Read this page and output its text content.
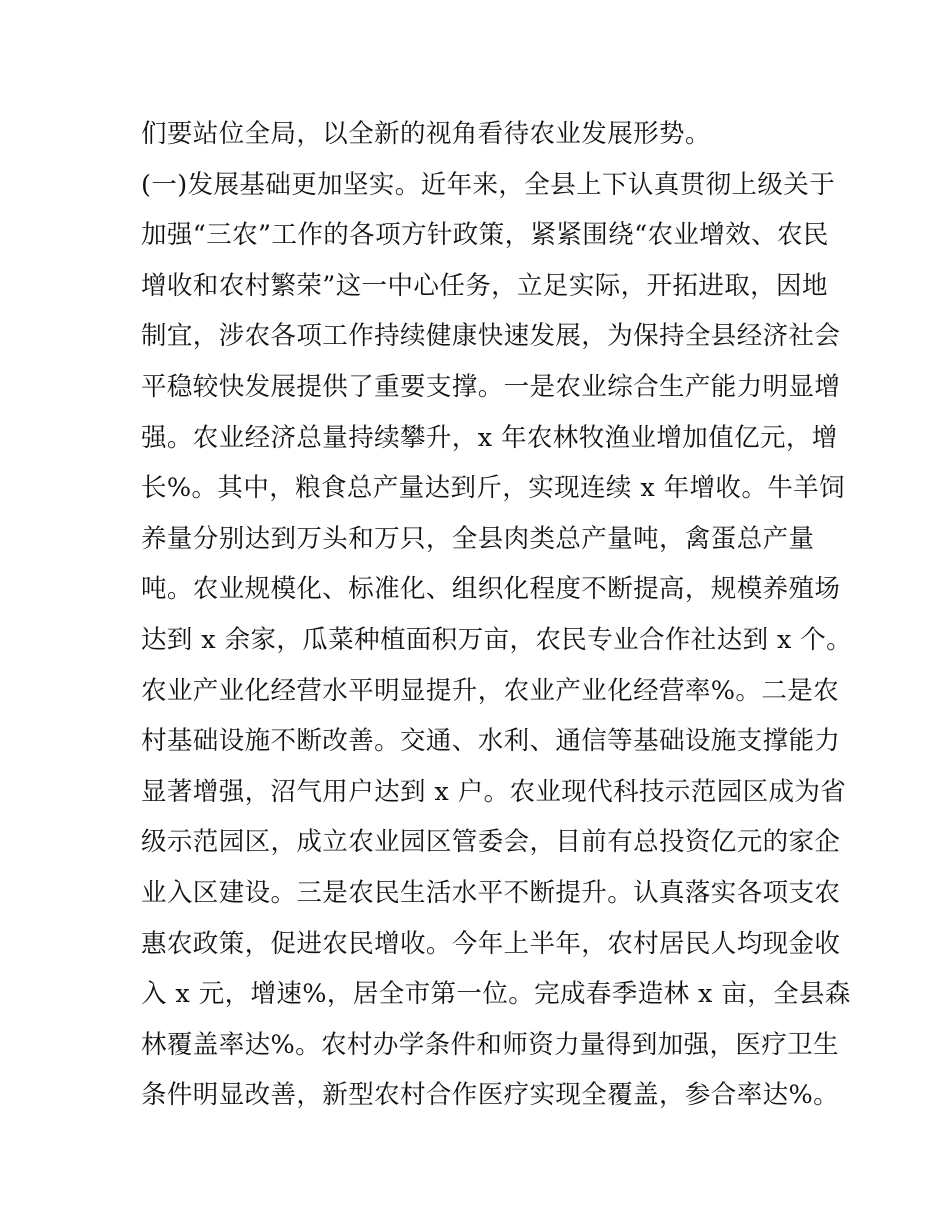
们要站位全局，以全新的视角看待农业发展形势。
(一)发展基础更加坚实。近年来，全县上下认真贯彻上级关于
加强“三农”工作的各项方针政策，紧紧围绕“农业增效、农民
增收和农村繁荣”这一中心任务，立足实际，开拓进取，因地
制宜，涉农各项工作持续健康快速发展，为保持全县经济社会
平稳较快发展提供了重要支撑。一是农业综合生产能力明显增
强。农业经济总量持续攀升，x 年农林牧渔业增加值亿元，增
长%。其中，粮食总产量达到斤，实现连续 x 年增收。牛羊饲
养量分别达到万头和万只，全县肉类总产量吨，禽蛋总产量
吨。农业规模化、标准化、组织化程度不断提高，规模养殖场
达到 x 余家，瓜菜种植面积万亩，农民专业合作社达到 x 个。
农业产业化经营水平明显提升，农业产业化经营率%。二是农
村基础设施不断改善。交通、水利、通信等基础设施支撑能力
显著增强，沼气用户达到 x 户。农业现代科技示范园区成为省
级示范园区，成立农业园区管委会，目前有总投资亿元的家企
业入区建设。三是农民生活水平不断提升。认真落实各项支农
惠农政策，促进农民增收。今年上半年，农村居民人均现金收
入 x 元，增速%，居全市第一位。完成春季造林 x 亩，全县森
林覆盖率达%。农村办学条件和师资力量得到加强，医疗卫生
条件明显改善，新型农村合作医疗实现全覆盖，参合率达%。
